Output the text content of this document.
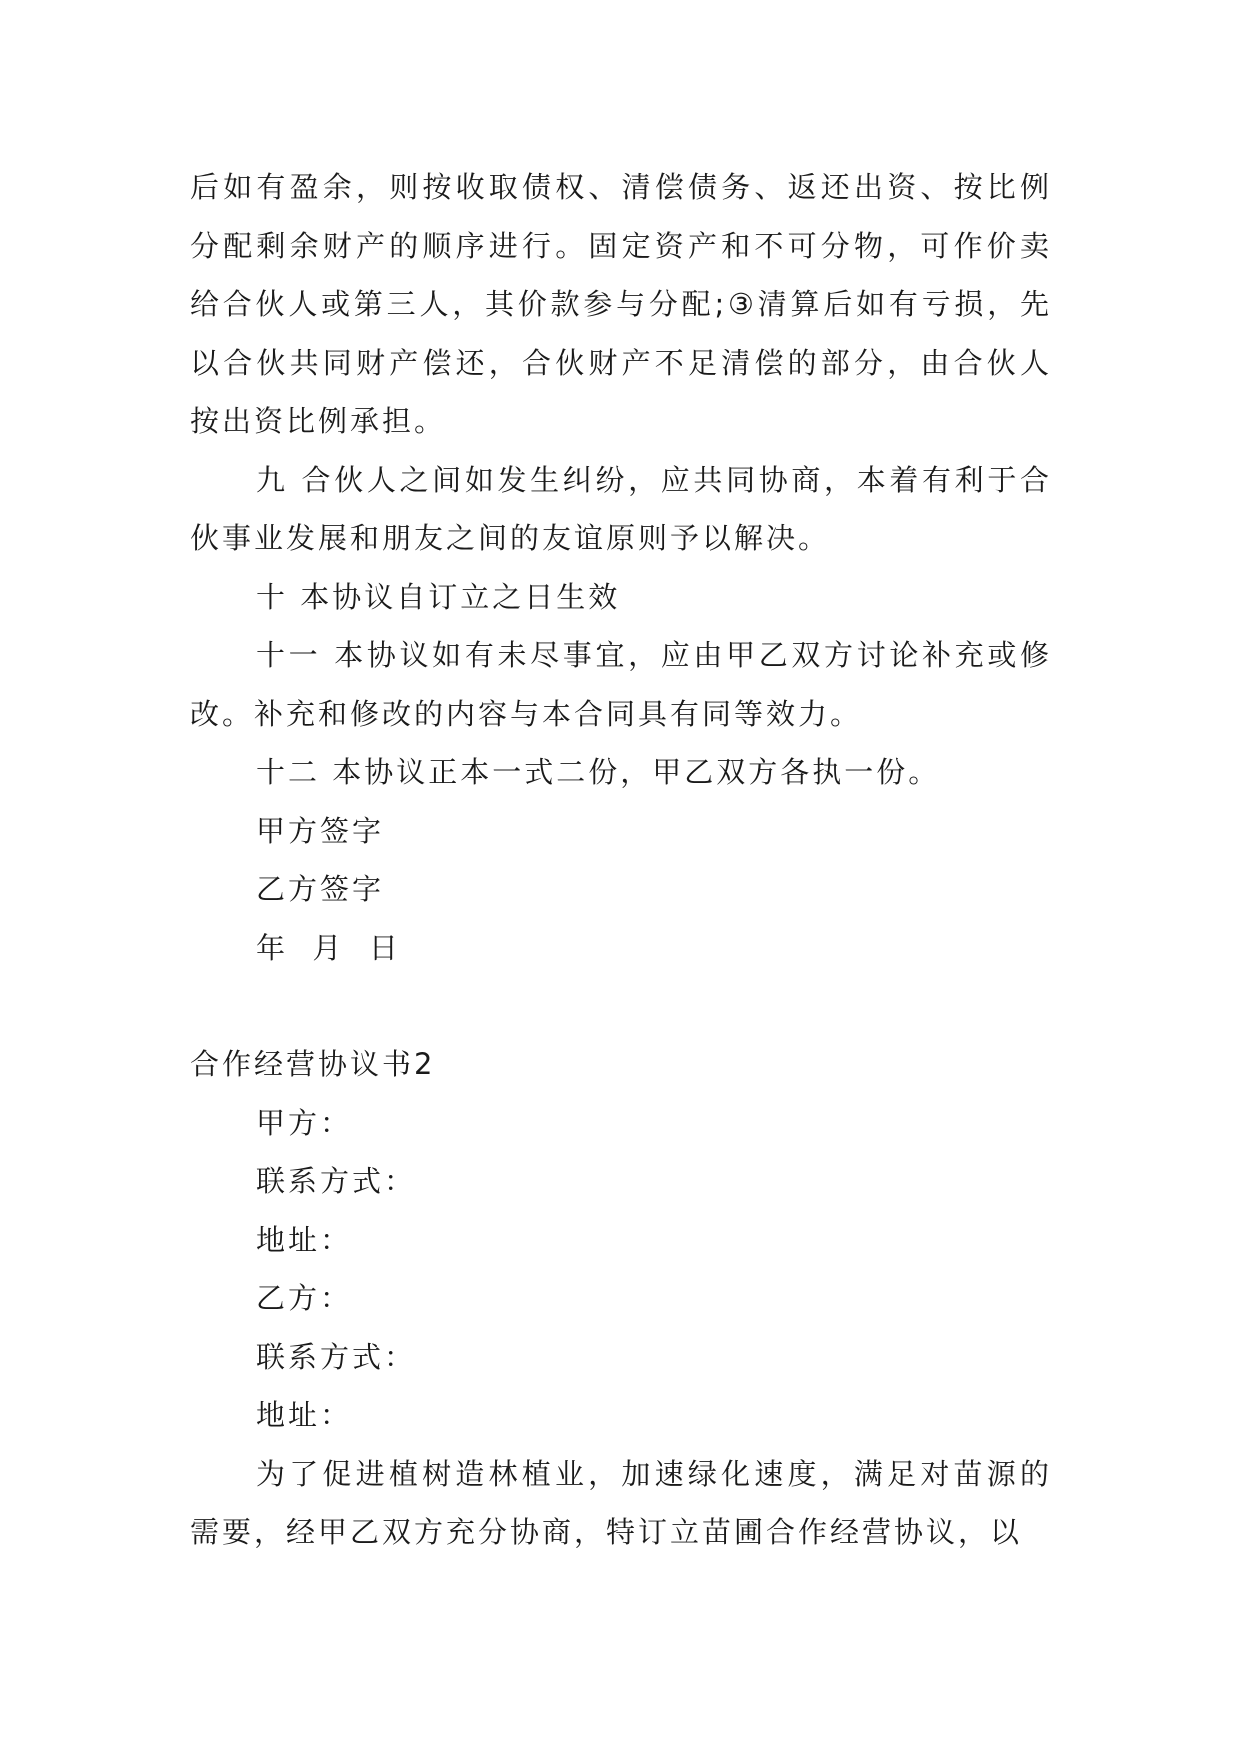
后如有盈余，则按收取债权、清偿债务、返还出资、按比例分配剩余财产的顺序进行。固定资产和不可分物，可作价卖给合伙人或第三人，其价款参与分配;③清算后如有亏损，先以合伙共同财产偿还，合伙财产不足清偿的部分，由合伙人按出资比例承担。

九 合伙人之间如发生纠纷，应共同协商，本着有利于合伙事业发展和朋友之间的友谊原则予以解决。

十 本协议自订立之日生效

十一 本协议如有未尽事宜，应由甲乙双方讨论补充或修改。补充和修改的内容与本合同具有同等效力。

十二 本协议正本一式二份，甲乙双方各执一份。

甲方签字

乙方签字

年  月  日

合作经营协议书2

甲方：

联系方式：

地址：

乙方：

联系方式：

地址：

为了促进植树造林植业，加速绿化速度，满足对苗源的需要，经甲乙双方充分协商，特订立苗圃合作经营协议，以
